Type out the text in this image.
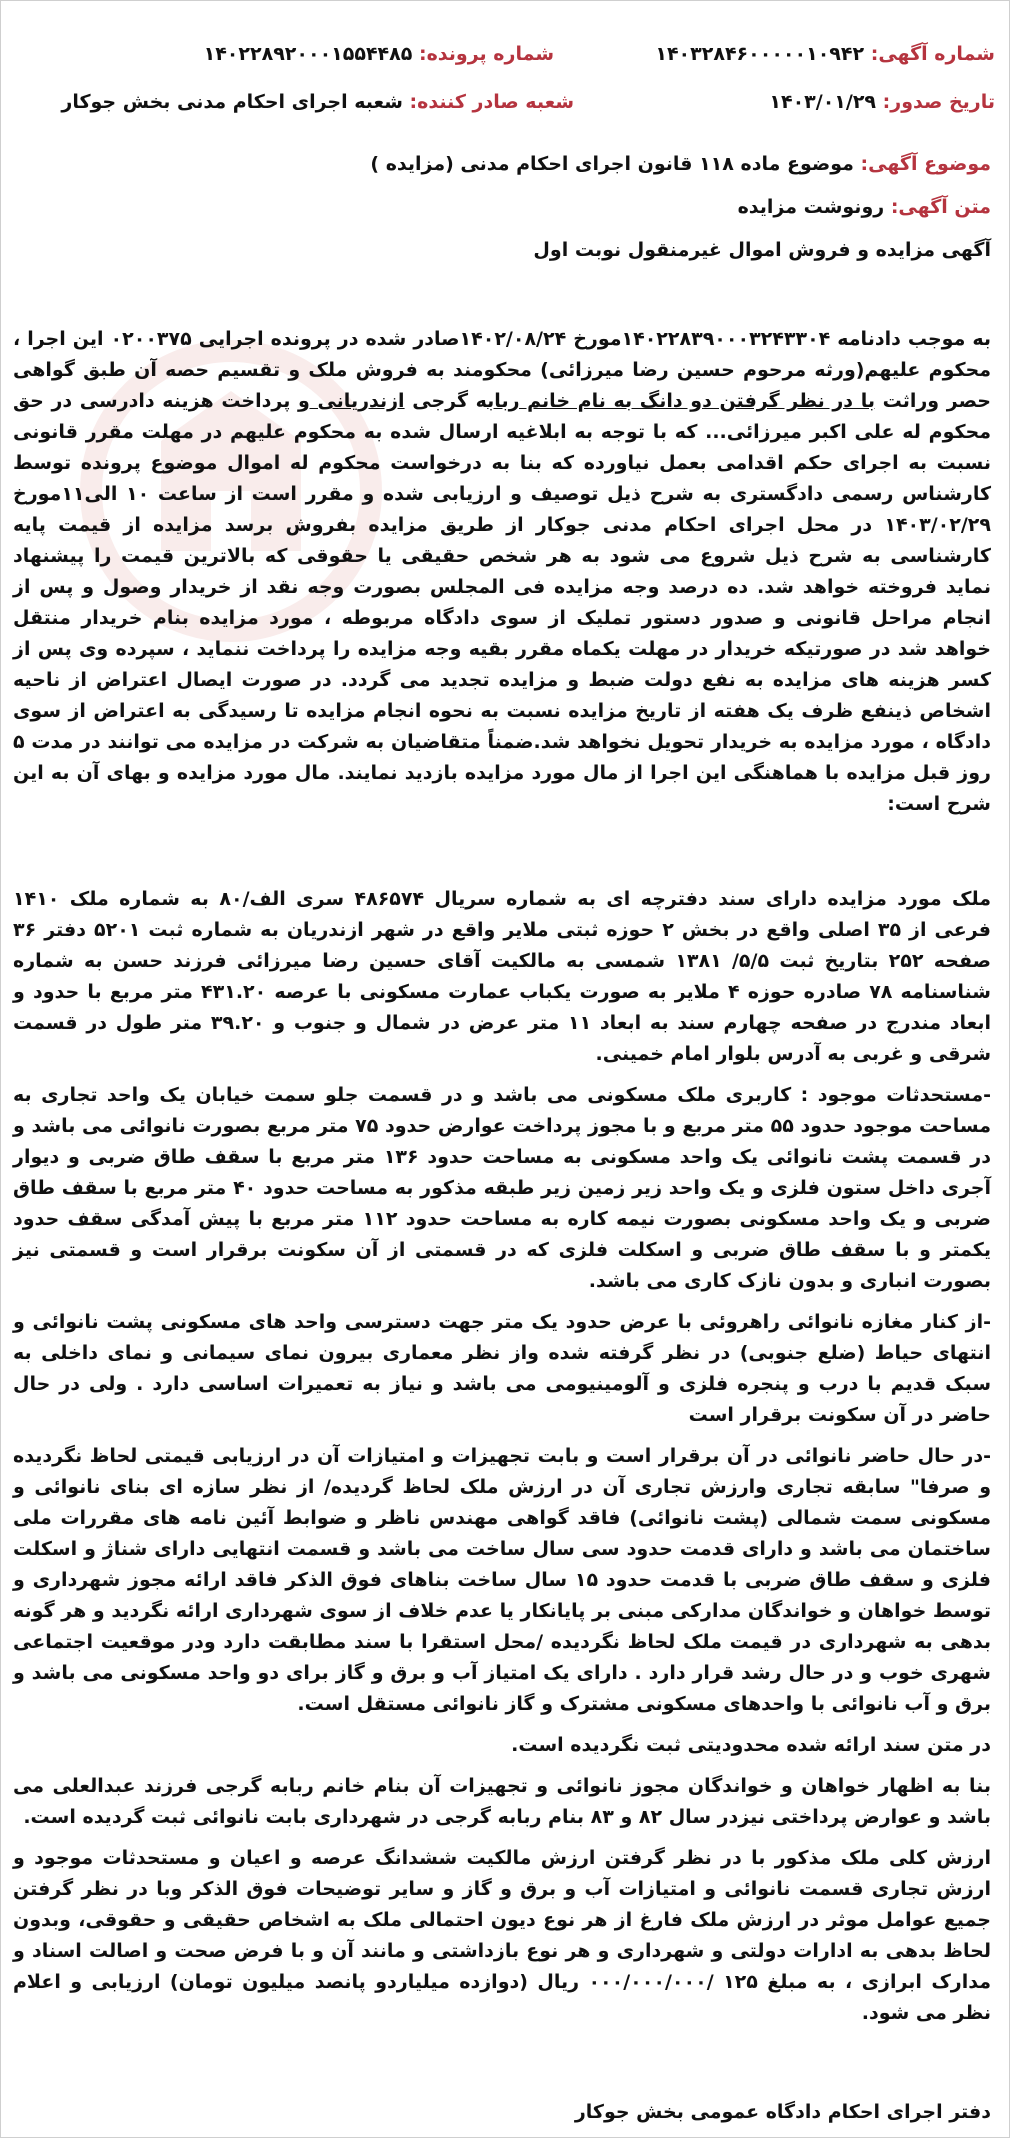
شماره آگهی: ۱۴۰۳۲۸۴۶۰۰۰۰۰۱۰۹۴۲
شماره پرونده: ۱۴۰۲۲۸۹۲۰۰۰۱۵۵۴۴۸۵
تاریخ صدور: ۱۴۰۳/۰۱/۲۹
شعبه صادر کننده: شعبه اجرای احکام مدنی بخش جوکار
موضوع آگهی: موضوع ماده ۱۱۸ قانون اجرای احکام مدنی (مزایده )
متن آگهی: رونوشت مزایده
آگهی مزایده و فروش اموال غیرمنقول نوبت اول
به موجب دادنامه ۱۴۰۲۲۸۳۹۰۰۰۳۲۴۳۳۰۴مورخ ۱۴۰۲/۰۸/۲۴صادر شده در پرونده اجرایی ۰۲۰۰۳۷۵ این اجرا ، محکوم علیهم(ورثه مرحوم حسین رضا میرزائی) محکومند به فروش ملک و تقسیم حصه آن طبق گواهی حصر وراثت با در نظر گرفتن دو دانگ به نام خانم ربابه گرجی ازندریانی و پرداخت هزینه دادرسی در حق محکوم له علی اکبر میرزائی... که با توجه به ابلاغیه ارسال شده به محکوم علیهم در مهلت مقرر قانونی نسبت به اجرای حکم اقدامی بعمل نیاورده که بنا به درخواست محکوم له اموال موضوع پرونده توسط کارشناس رسمی دادگستری به شرح ذیل توصیف و ارزیابی شده و مقرر است از ساعت ۱۰ الی۱۱مورخ ۱۴۰۳/۰۲/۲۹ در محل اجرای احکام مدنی جوکار از طریق مزایده بفروش برسد مزایده از قیمت پایه کارشناسی به شرح ذیل شروع می شود به هر شخص حقیقی یا حقوقی که بالاترین قیمت را پیشنهاد نماید فروخته خواهد شد. ده درصد وجه مزایده فی المجلس بصورت وجه نقد از خریدار وصول و پس از انجام مراحل قانونی و صدور دستور تملیک از سوی دادگاه مربوطه ، مورد مزایده بنام خریدار منتقل خواهد شد در صورتیکه خریدار در مهلت یکماه مقرر بقیه وجه مزایده را پرداخت ننماید ، سپرده وی پس از کسر هزینه های مزایده به نفع دولت ضبط و مزایده تجدید می گردد. در صورت ایصال اعتراض از ناحیه اشخاص ذینفع ظرف یک هفته از تاریخ مزایده نسبت به نحوه انجام مزایده تا رسیدگی به اعتراض از سوی دادگاه ، مورد مزایده به خریدار تحویل نخواهد شد.ضمناً متقاضیان به شرکت در مزایده می توانند در مدت ۵ روز قبل مزایده با هماهنگی این اجرا از مال مورد مزایده بازدید نمایند. مال مورد مزایده و بهای آن به این شرح است:
ملک مورد مزایده دارای سند دفترچه ای به شماره سریال ۴۸۶۵۷۴ سری الف/۸۰ به شماره ملک ۱۴۱۰ فرعی از ۳۵ اصلی واقع در بخش ۲ حوزه ثبتی ملایر واقع در شهر ازندریان به شماره ثبت ۵۲۰۱ دفتر ۳۶ صفحه ۲۵۲ بتاریخ ثبت ۵/۵/ ۱۳۸۱ شمسی به مالکیت آقای حسین رضا میرزائی فرزند حسن به شماره شناسنامه ۷۸ صادره حوزه ۴ ملایر به صورت یکباب عمارت مسکونی با عرصه ۴۳۱.۲۰ متر مربع با حدود و ابعاد مندرج در صفحه چهارم سند به ابعاد ۱۱ متر عرض در شمال و جنوب و ۳۹.۲۰ متر طول در قسمت شرقی و غربی به آدرس بلوار امام خمینی.
-مستحدثات موجود : کاربری ملک مسکونی می باشد و در قسمت جلو سمت خیابان یک واحد تجاری به مساحت موجود حدود ۵۵ متر مربع و با مجوز پرداخت عوارض حدود ۷۵ متر مربع بصورت نانوائی می باشد و در قسمت پشت نانوائی یک واحد مسکونی به مساحت حدود ۱۳۶ متر مربع با سقف طاق ضربی و دیوار آجری داخل ستون فلزی و یک واحد زیر زمین زیر طبقه مذکور به مساحت حدود ۴۰ متر مربع با سقف طاق ضربی و یک واحد مسکونی بصورت نیمه کاره به مساحت حدود ۱۱۲ متر مربع با پیش آمدگی سقف حدود یکمتر و با سقف طاق ضربی و اسکلت فلزی که در قسمتی از آن سکونت برقرار است و قسمتی نیز بصورت انباری و بدون نازک کاری می باشد.
-از کنار مغازه نانوائی راهروئی با عرض حدود یک متر جهت دسترسی واحد های مسکونی پشت نانوائی و انتهای حیاط (ضلع جنوبی) در نظر گرفته شده واز نظر معماری بیرون نمای سیمانی و نمای داخلی به سبک قدیم با درب و پنجره فلزی و آلومینیومی می باشد و نیاز به تعمیرات اساسی دارد . ولی در حال حاضر در آن سکونت برقرار است
-در حال حاضر نانوائی در آن برقرار است و بابت تجهیزات و امتیازات آن در ارزیابی قیمتی لحاظ نگردیده و صرفا" سابقه تجاری وارزش تجاری آن در ارزش ملک لحاظ گردیده/ از نظر سازه ای بنای نانوائی و مسکونی سمت شمالی (پشت نانوائی) فاقد گواهی مهندس ناظر و ضوابط آئین نامه های مقررات ملی ساختمان می باشد و دارای قدمت حدود سی سال ساخت می باشد و قسمت انتهایی دارای شناژ و اسکلت فلزی و سقف طاق ضربی با قدمت حدود ۱۵ سال ساخت بناهای فوق الذکر فاقد ارائه مجوز شهرداری و توسط خواهان و خواندگان مدارکی مبنی بر پایانکار یا عدم خلاف از سوی شهرداری ارائه نگردید و هر گونه بدهی به شهرداری در قیمت ملک لحاظ نگردیده /محل استقرا با سند مطابقت دارد ودر موقعیت اجتماعی شهری خوب و در حال رشد قرار دارد . دارای یک امتیاز آب و برق و گاز برای دو واحد مسکونی می باشد و برق و آب نانوائی با واحدهای مسکونی مشترک و گاز نانوائی مستقل است.
در متن سند ارائه شده محدودیتی ثبت نگردیده است.
بنا به اظهار خواهان و خواندگان مجوز نانوائی و تجهیزات آن بنام خانم ربابه گرجی فرزند عبدالعلی می باشد و عوارض پرداختی نیزدر سال ۸۲ و ۸۳ بنام ربابه گرجی در شهرداری بابت نانوائی ثبت گردیده است.
ارزش کلی ملک مذکور با در نظر گرفتن ارزش مالکیت ششدانگ عرصه و اعیان و مستحدثات موجود و ارزش تجاری قسمت نانوائی و امتیازات آب و برق و گاز و سایر توضیحات فوق الذکر وبا در نظر گرفتن جمیع عوامل موثر در ارزش ملک فارغ از هر نوع دیون احتمالی ملک به اشخاص حقیقی و حقوقی، وبدون لحاظ بدهی به ادارات دولتی و شهرداری و هر نوع بازداشتی و مانند آن و با فرض صحت و اصالت اسناد و مدارک ابرازی ، به مبلغ ۱۲۵ /۰۰۰/۰۰۰/۰۰۰ ریال (دوازده میلیاردو پانصد میلیون تومان) ارزیابی و اعلام نظر می شود.
دفتر اجرای احکام دادگاه عمومی بخش جوکار
